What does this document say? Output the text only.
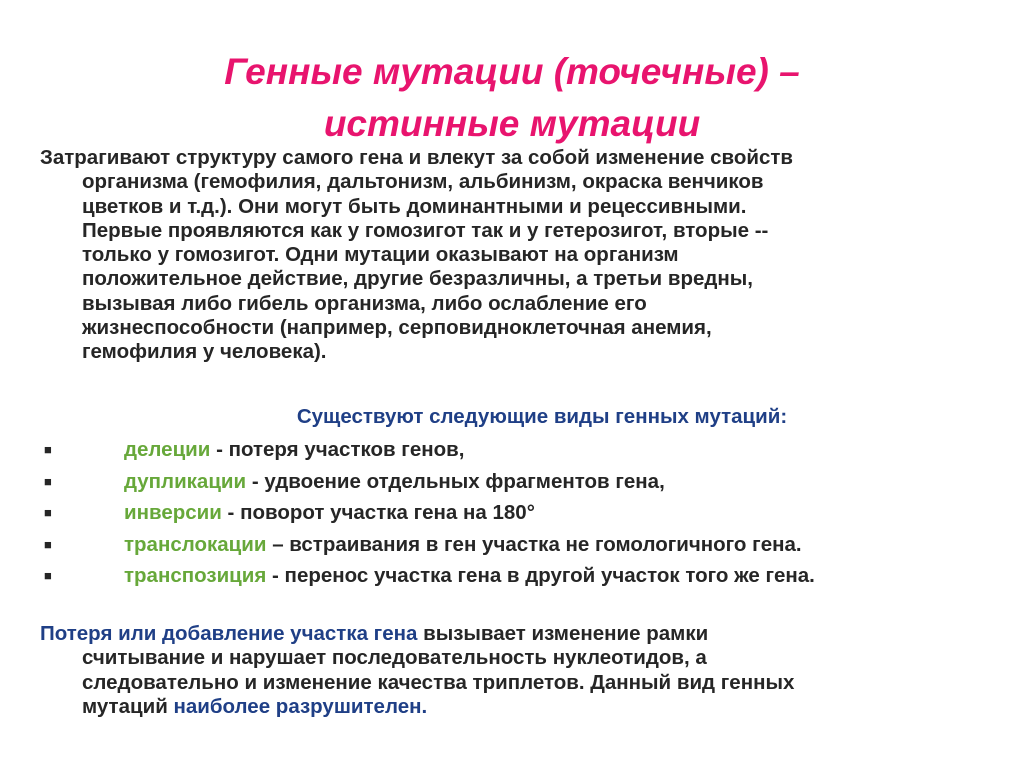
Генные мутации (точечные) –
истинные мутации
Затрагивают структуру самого гена и влекут за собой изменение свойств
организма (гемофилия, дальтонизм, альбинизм, окраска венчиков
цветков и т.д.). Они могут быть доминантными и рецессивными.
Первые проявляются как у гомозигот так и у гетерозигот, вторые --
только у гомозигот. Одни мутации оказывают на организм
положительное действие, другие безразличны, а третьи вредны,
вызывая либо гибель организма, либо ослабление его
жизнеспособности (например, серповидноклеточная анемия,
гемофилия у человека).

Существуют следующие виды генных мутаций:

■	делеции - потеря участков генов,
■	дупликации - удвоение отдельных фрагментов гена,
■	инверсии - поворот участка гена на 180°
■	транслокации – встраивания в ген участка не гомологичного гена.
■	транспозиция - перенос участка гена в другой участок того же гена.
Потеря или добавление участка гена вызывает изменение рамки
считывание и нарушает последовательность нуклеотидов, а
следовательно и изменение качества триплетов. Данный вид генных
мутаций наиболее разрушителен.
